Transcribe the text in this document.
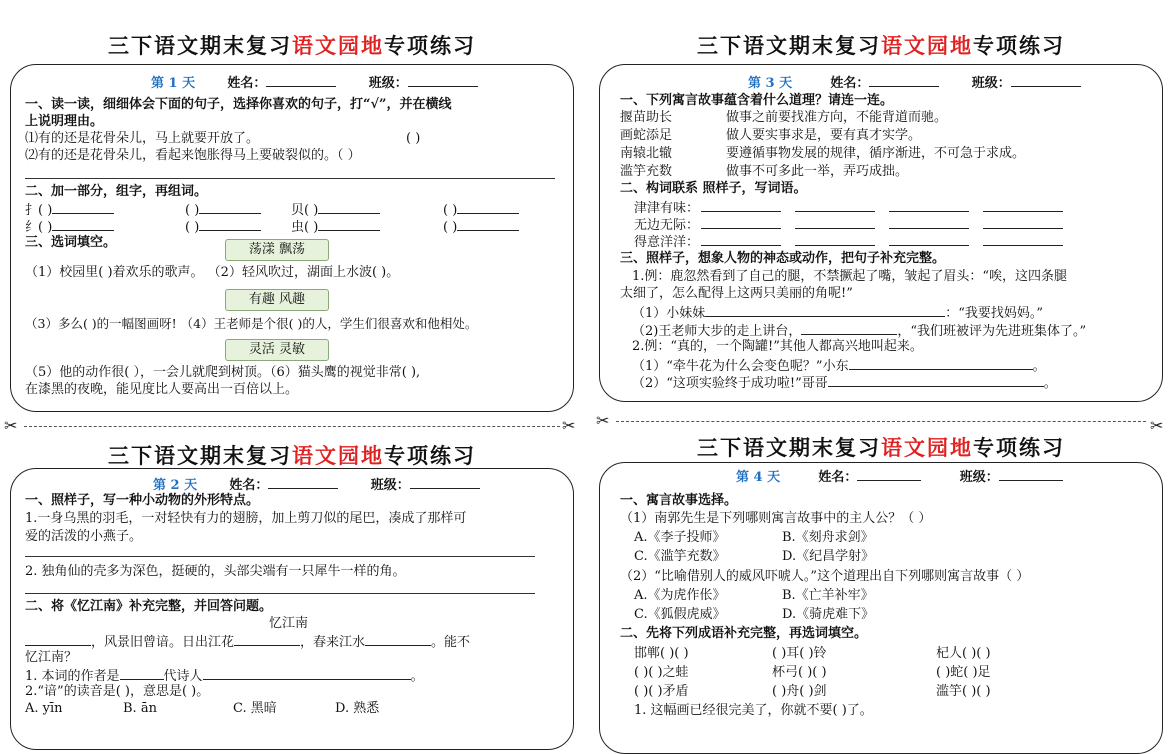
三下语文期末复习语文园地专项练习
第 1 天 姓名：	班级：
一、读一读，细细体会下面的句子，选择你喜欢的句子，打“√”，并在横线
上说明理由。
⑴有的还是花骨朵儿，马上就要开放了。	( )
⑵有的还是花骨朵儿，看起来饱胀得马上要破裂似的。（ ）
二、加一部分，组字，再组词。
扌( )	( )	贝( )	( )
纟( )	( )	虫( )	( )
三、选词填空。	荡漾 飘荡
（1）校园里( )着欢乐的歌声。 （2）轻风吹过，湖面上水波( )。
有趣 风趣
（3）多么( )的一幅图画呀! （4）王老师是个很( )的人，学生们很喜欢和他相处。
灵活 灵敏
（5）他的动作很( ），一会儿就爬到树顶。（6）猫头鹰的视觉非常( ),
在漆黑的夜晚，能见度比人要高出一百倍以上。
✂	✂
三下语文期末复习语文园地专项练习
第 2 天 姓名：	班级：
一、照样子，写一种小动物的外形特点。
1.一身乌黑的羽毛，一对轻快有力的翅膀，加上剪刀似的尾巴，凑成了那样可
爱的活泼的小燕子。
2. 独角仙的壳多为深色，挺硬的，头部尖端有一只犀牛一样的角。
二、将《忆江南》补充完整，并回答问题。
忆江南
，风景旧曾谙。日出江花	，春来江水	。能不
忆江南？
1. 本词的作者是	代诗人	。
2.“谙”的读音是( )，意思是( )。
A. yīn	B. ān	C. 黑暗	D. 熟悉
三下语文期末复习语文园地专项练习
第 3 天	姓名：	班级：
一、下列寓言故事蕴含着什么道理？请连一连。
揠苗助长	做事之前要找准方向，不能背道而驰。
画蛇添足	做人要实事求是，要有真才实学。
南辕北辙	要遵循事物发展的规律，循序渐进，不可急于求成。
滥竽充数	做事不可多此一举，弄巧成拙。
二、构词联系 照样子，写词语。
津津有味：
无边无际：
得意洋洋：
三、照样子，想象人物的神态或动作，把句子补充完整。
1.例：鹿忽然看到了自己的腿，不禁撅起了嘴，皱起了眉头：“唉，这四条腿
太细了，怎么配得上这两只美丽的角呢!”
（1）小妹妹	：“我要找妈妈。”
（2)王老师大步的走上讲台，	，“我们班被评为先进班集体了。”
2.例：“真的，一个陶罐!”其他人都高兴地叫起来。
（1）“牵牛花为什么会变色呢？”小东	。
（2）“这项实验终于成功啦!”哥哥	。
✂	✂
三下语文期末复习语文园地专项练习
第 4 天	姓名：	班级：
一、寓言故事选择。
（1）南郭先生是下列哪则寓言故事中的主人公？（ ）
A.《李子投师》	B.《刻舟求剑》
C.《滥竽充数》	D.《纪昌学射》
（2）“比喻借别人的威风吓唬人。”这个道理出自下列哪则寓言故事（ ）
A.《为虎作伥》	B.《亡羊补牢》
C.《狐假虎威》	D.《骑虎难下》
二、先将下列成语补充完整，再选词填空。
邯郸( )( )	( )耳( )铃	杞人( )( )
( )( )之蛙	杯弓( )( )	( )蛇( )足
( )( )矛盾	( )舟( )剑	滥竽( )( )
1. 这幅画已经很完美了，你就不要( )了。
